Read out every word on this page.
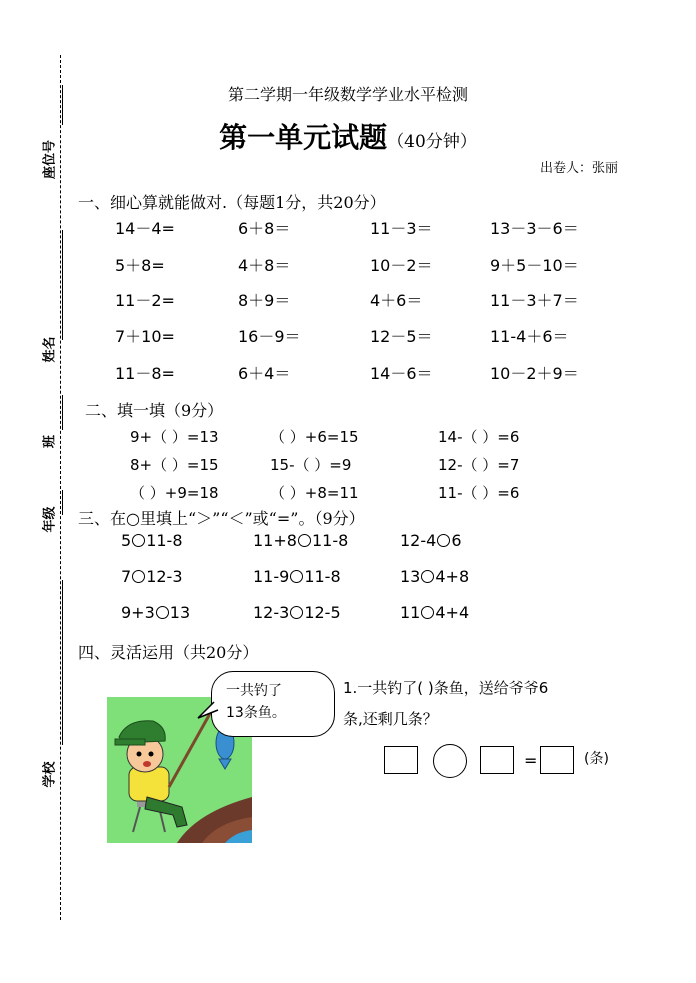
座位号
姓名
班
年级
学校
第二学期一年级数学学业水平检测
第一单元试题（40分钟）
出卷人：张丽
一、细心算就能做对.（每题1分，共20分）
14－4=	6＋8＝	11－3＝	13－3－6＝
5＋8=	4＋8＝	10－2＝	9＋5－10＝
11－2=	8＋9＝	4＋6＝	11－3＋7＝
7＋10=	16－9＝	12－5＝	11-4＋6＝
11－8=	6＋4＝	14－6＝	10－2＋9＝
二、填一填（9分）
9+（ ）=13	（ ）+6=15	14-（ ）=6
8+（ ）=15	15-（ ）=9	12-（ ）=7
（ ）+9=18	（ ）+8=11	11-（ ）=6
三、在○里填上“＞”“＜”或“=”。（9分）
5 11-8	11+8 11-8	12-4 6
7 12-3	11-9 11-8	13 4+8
9+3 13	12-3 12-5	11 4+4
四、灵活运用（共20分）
一共钓了
13条鱼。
1.一共钓了( )条鱼，送给爷爷6
条,还剩几条？
=	(条)
